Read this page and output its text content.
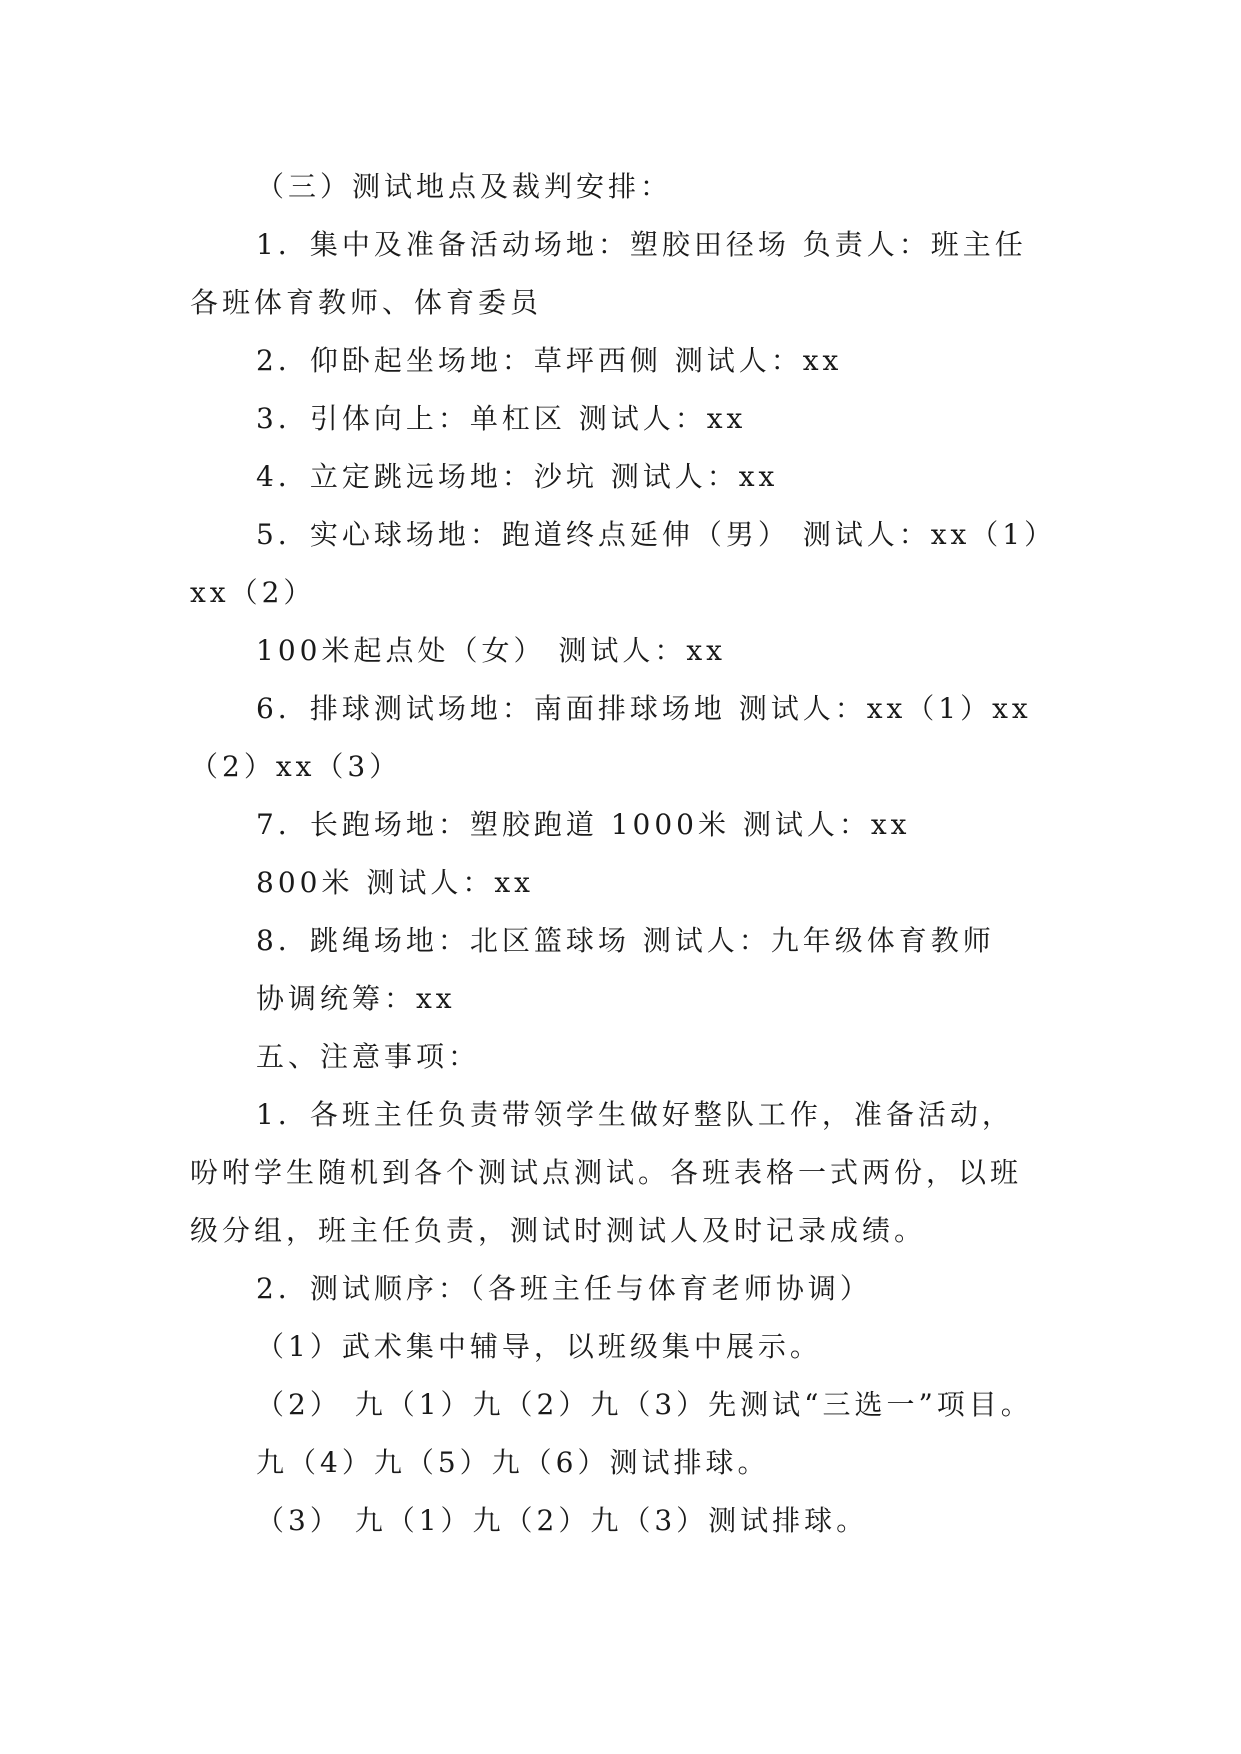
（三）测试地点及裁判安排：

1．集中及准备活动场地：塑胶田径场 负责人：班主任

各班体育教师、体育委员

2．仰卧起坐场地：草坪西侧 测试人：xx

3．引体向上：单杠区 测试人：xx

4．立定跳远场地：沙坑 测试人：xx

5．实心球场地：跑道终点延伸（男） 测试人：xx（1）

xx（2）

100米起点处（女） 测试人：xx

6．排球测试场地：南面排球场地 测试人：xx（1）xx

（2）xx（3）

7．长跑场地：塑胶跑道 1000米 测试人：xx

800米 测试人：xx

8．跳绳场地：北区篮球场 测试人：九年级体育教师

协调统筹：xx

五、注意事项：

1．各班主任负责带领学生做好整队工作，准备活动，

吩咐学生随机到各个测试点测试。各班表格一式两份，以班

级分组，班主任负责，测试时测试人及时记录成绩。

2．测试顺序：（各班主任与体育老师协调）

（1）武术集中辅导，以班级集中展示。

（2） 九（1）九（2）九（3）先测试“三选一”项目。

九（4）九（5）九（6）测试排球。

（3） 九（1）九（2）九（3）测试排球。
